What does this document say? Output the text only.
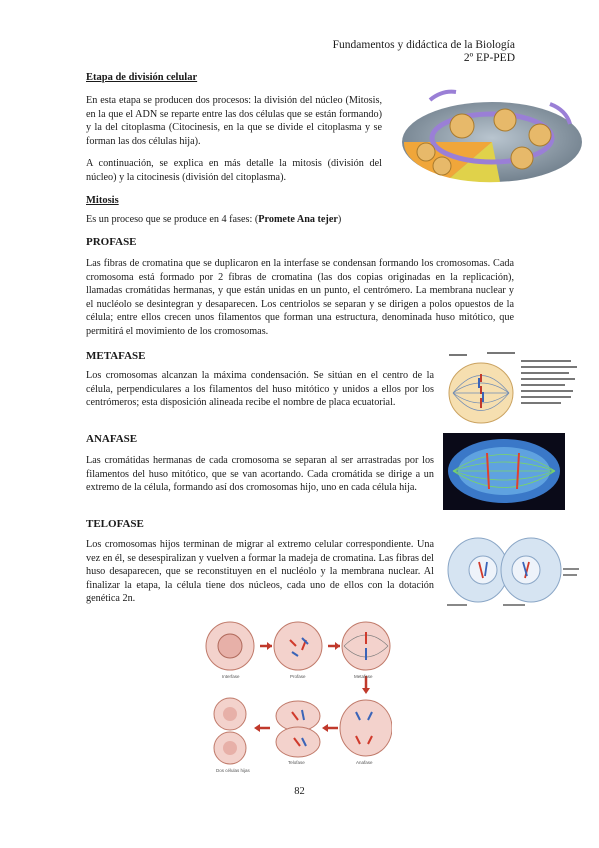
Fundamentos y didáctica de la Biología
2º EP-PED
Etapa de división celular

En esta etapa se producen dos procesos: la división del núcleo (Mitosis, en la que el ADN se reparte entre las dos células que se están formando) y la del citoplasma (Citocinesis, en la que se divide el citoplasma y se forman las dos células hija).

A continuación, se explica en más detalle la mitosis (división del núcleo) y la citocinesis (división del citoplasma).

Mitosis

Es un proceso que se produce en 4 fases: (Promete Ana tejer)

PROFASE

Las fibras de cromatina que se duplicaron en la interfase se condensan formando los cromosomas. Cada cromosoma está formado por 2 fibras de cromatina (las dos copias originadas en la replicación), llamadas cromátidas hermanas, y que están unidas en un punto, el centrómero. La membrana nuclear y el nucléolo se desintegran y desaparecen. Los centriolos se separan y se dirigen a polos opuestos de la célula; entre ellos crecen unos filamentos que forman una estructura, denominada huso mitótico, que permitirá el movimiento de los cromosomas.

METAFASE

Los cromosomas alcanzan la máxima condensación. Se sitúan en el centro de la célula, perpendiculares a los filamentos del huso mitótico y unidos a ellos por los centrómeros; esta disposición alineada recibe el nombre de placa ecuatorial.

ANAFASE

Las cromátidas hermanas de cada cromosoma se separan al ser arrastradas por los filamentos del huso mitótico, que se van acortando. Cada cromátida se dirige a un extremo de la célula, formando así dos cromosomas hijo, uno en cada célula hija.

TELOFASE

Los cromosomas hijos terminan de migrar al extremo celular correspondiente. Una vez en él, se desespiralizan y vuelven a formar la madeja de cromatina. Las fibras del huso desaparecen, que se reconstituyen en el nucléolo y la membrana nuclear. Al finalizar la etapa, la célula tiene dos núcleos, cada uno de ellos con la dotación genética 2n.

Interfase	Profase	Metafase
Anafase
Telofase
Dos células hijas
82
